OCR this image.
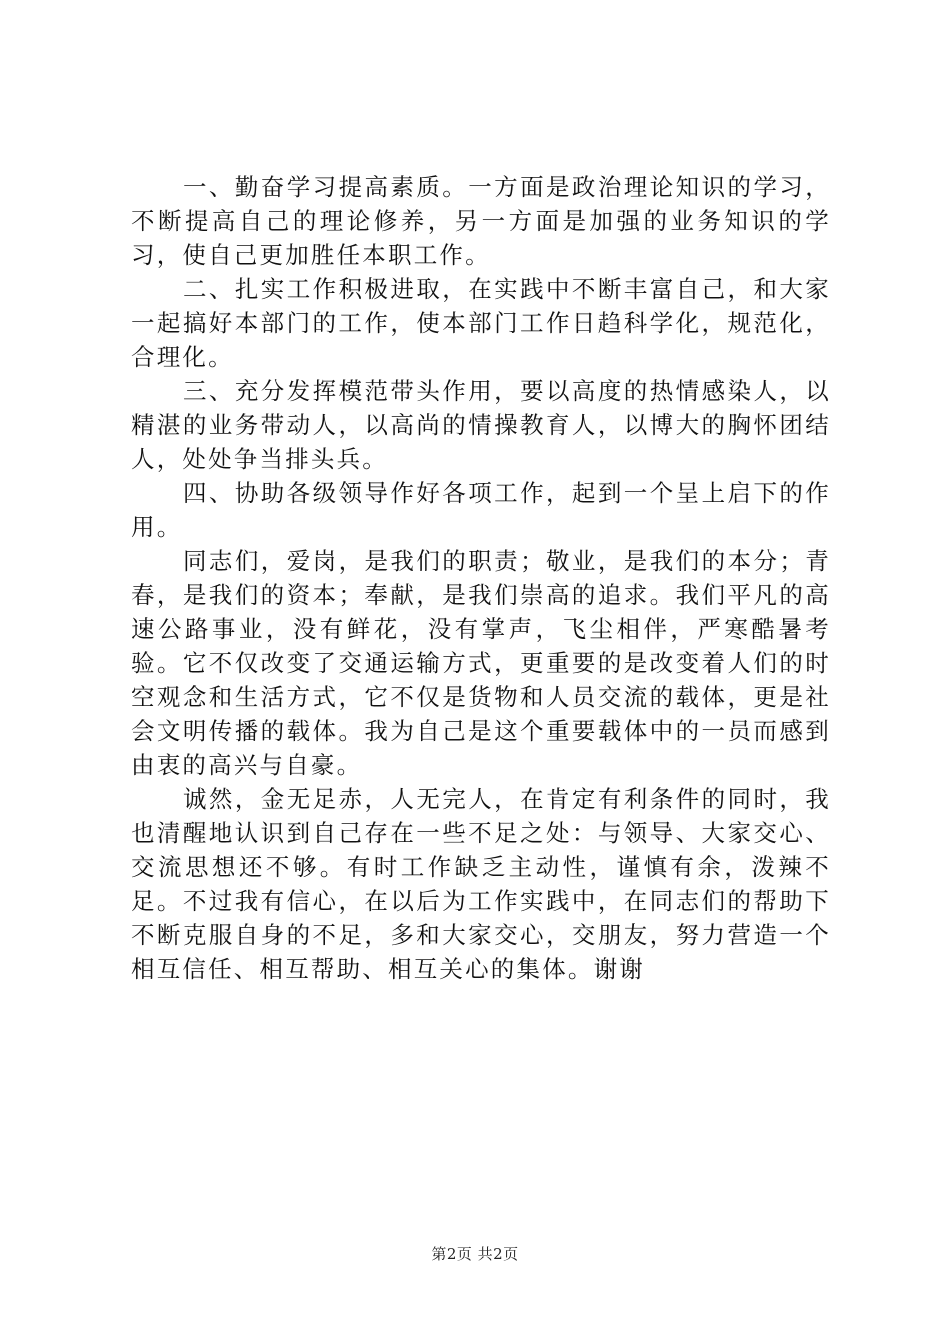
一、勤奋学习提高素质。一方面是政治理论知识的学习，不断提高自己的理论修养，另一方面是加强的业务知识的学习，使自己更加胜任本职工作。

二、扎实工作积极进取，在实践中不断丰富自己，和大家一起搞好本部门的工作，使本部门工作日趋科学化，规范化，合理化。

三、充分发挥模范带头作用，要以高度的热情感染人，以精湛的业务带动人，以高尚的情操教育人，以博大的胸怀团结人，处处争当排头兵。

四、协助各级领导作好各项工作，起到一个呈上启下的作用。

同志们，爱岗，是我们的职责；敬业，是我们的本分；青春，是我们的资本；奉献，是我们崇高的追求。我们平凡的高速公路事业，没有鲜花，没有掌声，飞尘相伴，严寒酷暑考验。它不仅改变了交通运输方式，更重要的是改变着人们的时空观念和生活方式，它不仅是货物和人员交流的载体，更是社会文明传播的载体。我为自己是这个重要载体中的一员而感到由衷的高兴与自豪。

诚然，金无足赤，人无完人，在肯定有利条件的同时，我也清醒地认识到自己存在一些不足之处：与领导、大家交心、交流思想还不够。有时工作缺乏主动性，谨慎有余，泼辣不足。不过我有信心，在以后为工作实践中，在同志们的帮助下不断克服自身的不足，多和大家交心，交朋友，努力营造一个相互信任、相互帮助、相互关心的集体。谢谢

第2页 共2页
